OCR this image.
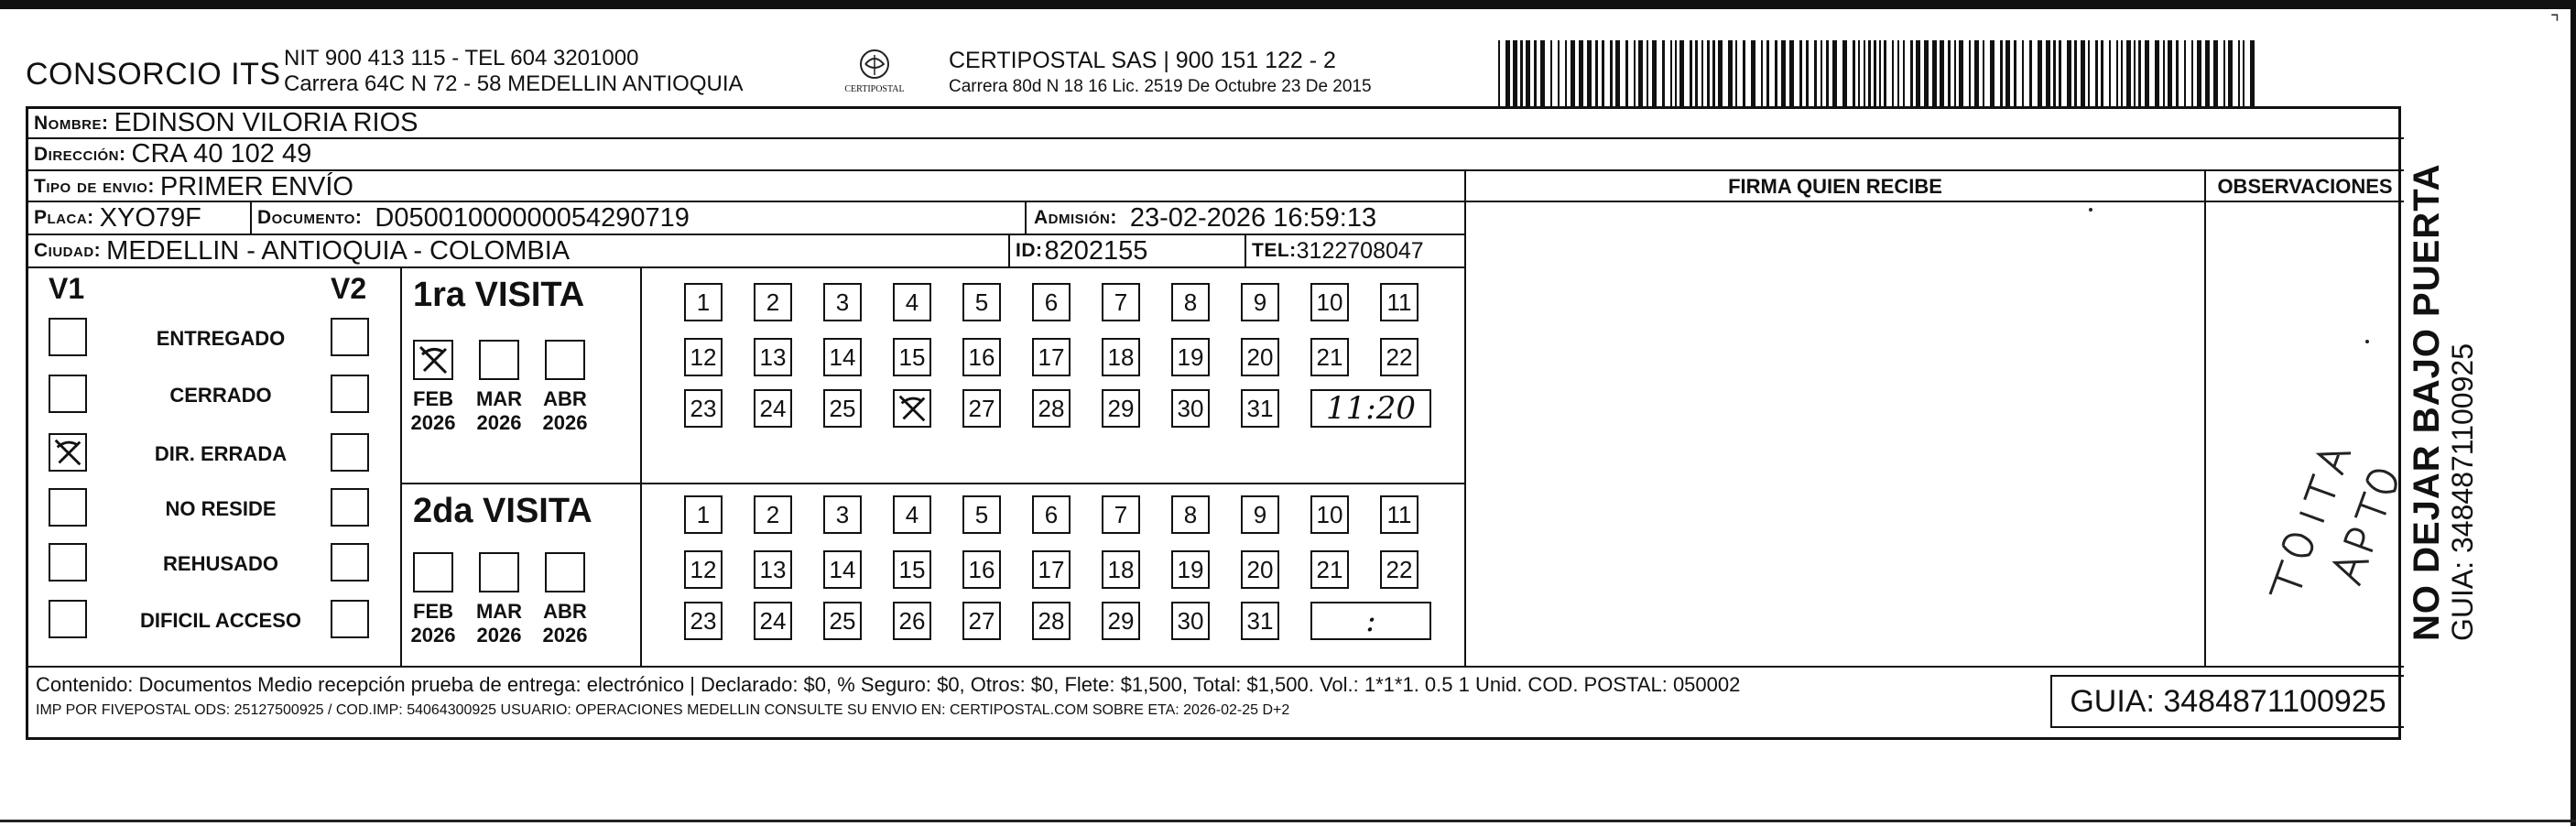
⌝
CONSORCIO ITS NIT 900 413 115 - TEL 604 3201000
Carrera 64C N 72 - 58 MEDELLIN ANTIOQUIA	CERTIPOSTAL
CERTIPOSTAL SAS | 900 151 122 - 2
Carrera 80d N 18 16 Lic. 2519 De Octubre 23 De 2015
Nombre: EDINSON VILORIA RIOS
Dirección: CRA 40 102 49
Tipo de envio: PRIMER ENVÍO
Placa: XYO79F	Documento: D05001000000054290719	Admisión: 23-02-2026 16:59:13
Ciudad: MEDELLIN - ANTIOQUIA - COLOMBIA	ID: 8202155	TEL: 3122708047
FIRMA QUIEN RECIBE	OBSERVACIONES
V1	V2
ENTREGADO
CERRADO
DIR. ERRADA
NO RESIDE
REHUSADO
DIFICIL ACCESO
1ra VISITA
FEB
2026
MAR
2026
ABR
2026
1	2	3	4	5	6	7	8	9	10 11
12 13 14 15 16 17 18 19 20 21 22
23 24 25	27 28 29 30 31	11:20
2da VISITA
FEB
2026
MAR
2026
ABR
2026
1	2	3	4	5	6	7	8	9	10 11
12 13 14 15 16 17 18 19 20 21 22
23 24 25 26 27 28 29 30 31	:
Contenido: Documentos Medio recepción prueba de entrega: electrónico | Declarado: $0, % Seguro: $0, Otros: $0, Flete: $1,500, Total: $1,500. Vol.: 1*1*1. 0.5 1 Unid. COD. POSTAL: 050002
IMP POR FIVEPOSTAL ODS: 25127500925 / COD.IMP: 54064300925 USUARIO: OPERACIONES MEDELLIN CONSULTE SU ENVIO EN: CERTIPOSTAL.COM SOBRE ETA: 2026-02-25 D+2	GUIA: 3484871100925
NO DEJAR BAJO PUERTA GUIA: 3484871100925
